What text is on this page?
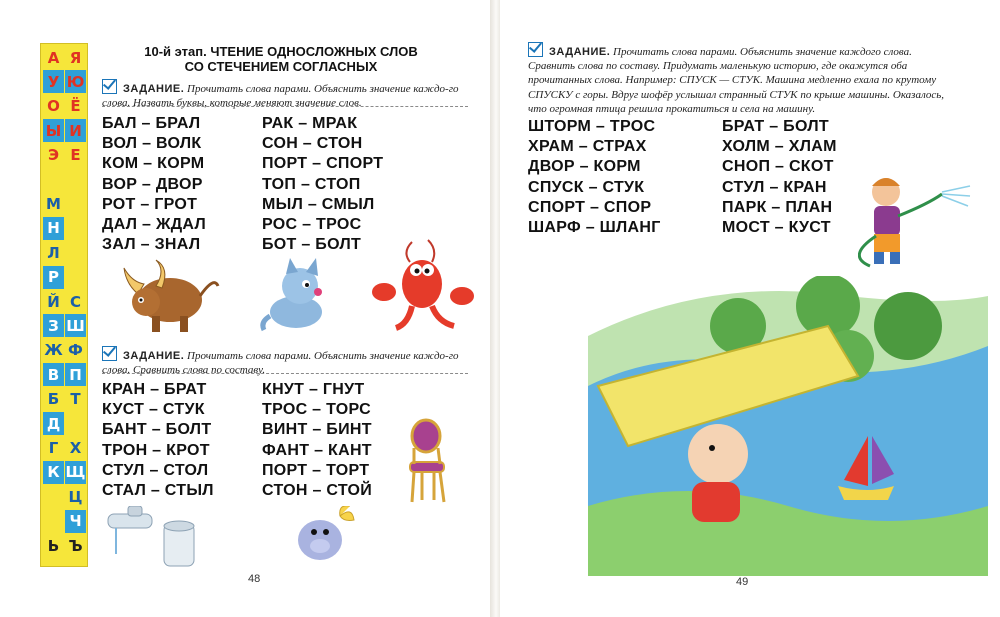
А
У
О
Ы
Э
М
Н
Л
Р
Й
З
Ж
В
Б
Д
Г
К
Ь
Я
Ю
Ё
И
Е
С
Ш
Ф
П
Т
Х
Щ
Ц
Ч
Ъ
10-й этап. ЧТЕНИЕ ОДНОСЛОЖНЫХ СЛОВ
СО СТЕЧЕНИЕМ СОГЛАСНЫХ
ЗАДАНИЕ. Прочитать слова парами. Объяснить значение каждо-го слова. Назвать буквы, которые меняют значение слов.
БАЛ – БРАЛ
ВОЛ – ВОЛК
КОМ – КОРМ
ВОР – ДВОР
РОТ – ГРОТ
ДАЛ – ЖДАЛ
ЗАЛ – ЗНАЛ
РАК – МРАК
СОН – СТОН
ПОРТ – СПОРТ
ТОП – СТОП
МЫЛ – СМЫЛ
РОС – ТРОС
БОТ – БОЛТ
ЗАДАНИЕ. Прочитать слова парами. Объяснить значение каждо-го слова. Сравнить слова по составу.
КРАН – БРАТ
КУСТ – СТУК
БАНТ – БОЛТ
ТРОН – КРОТ
СТУЛ – СТОЛ
СТАЛ – СТЫЛ
КНУТ – ГНУТ
ТРОС – ТОРС
ВИНТ – БИНТ
ФАНТ – КАНТ
ПОРТ – ТОРТ
СТОН – СТОЙ
48
ЗАДАНИЕ. Прочитать слова парами. Объяснить значение каждого слова. Сравнить слова по составу. Придумать маленькую историю, где окажутся оба прочитанных слова. Например: СПУСК — СТУК. Машина медленно ехала по крутому СПУСКУ с горы. Вдруг шофёр услышал странный СТУК по крыше машины. Оказалось, что огромная птица решила прокатиться и села на машину.
ШТОРМ – ТРОС
ХРАМ – СТРАХ
ДВОР – КОРМ
СПУСК – СТУК
СПОРТ – СПОР
ШАРФ – ШЛАНГ
БРАТ – БОЛТ
ХОЛМ – ХЛАМ
СНОП – СКОТ
СТУЛ – КРАН
ПАРК – ПЛАН
МОСТ – КУСТ
49
